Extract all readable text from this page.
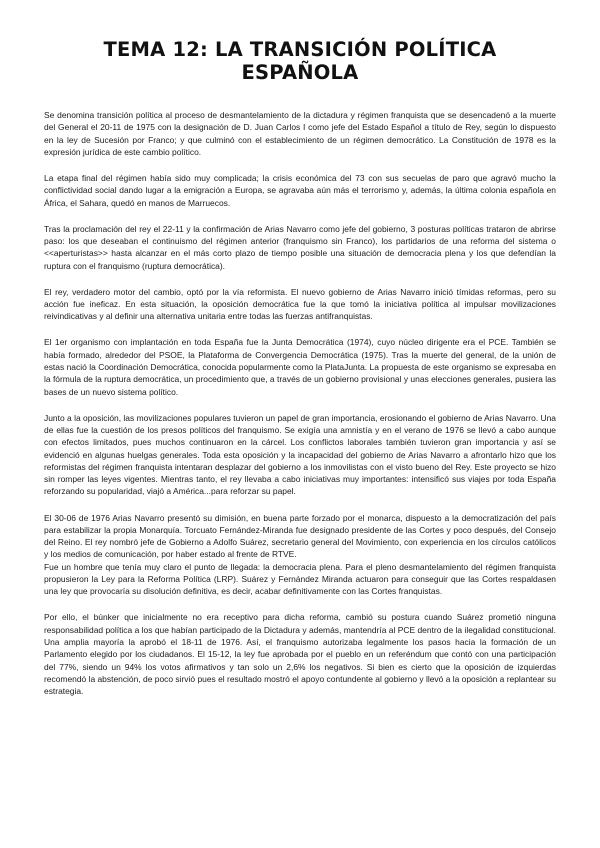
TEMA 12: LA TRANSICIÓN POLÍTICA ESPAÑOLA

Se denomina transición política al proceso de desmantelamiento de la dictadura y régimen franquista que se desencadenó a la muerte del General el 20-11 de 1975 con la designación de D. Juan Carlos I como jefe del Estado Español a título de Rey, según lo dispuesto en la ley de Sucesión por Franco; y que culminó con el establecimiento de un régimen democrático. La Constitución de 1978 es la expresión jurídica de este cambio político.

La etapa final del régimen había sido muy complicada; la crisis económica del 73 con sus secuelas de paro que agravó mucho la conflictividad social dando lugar a la emigración a Europa, se agravaba aún más el terrorismo y, además, la última colonia española en África, el Sahara, quedó en manos de Marruecos.

Tras la proclamación del rey el 22-11 y la confirmación de Arias Navarro como jefe del gobierno, 3 posturas políticas trataron de abrirse paso: los que deseaban el continuismo del régimen anterior (franquismo sin Franco), los partidarios de una reforma del sistema o <<aperturistas>> hasta alcanzar en el más corto plazo de tiempo posible una situación de democracia plena y los que defendían la ruptura con el franquismo (ruptura democrática).

El rey, verdadero motor del cambio, optó por la vía reformista. El nuevo gobierno de Arias Navarro inició tímidas reformas, pero su acción fue ineficaz. En esta situación, la oposición democrática fue la que tomó la iniciativa política al impulsar movilizaciones reivindicativas y al definir una alternativa unitaria entre todas las fuerzas antifranquistas.

El 1er organismo con implantación en toda España fue la Junta Democrática (1974), cuyo núcleo dirigente era el PCE. También se había formado, alrededor del PSOE, la Plataforma de Convergencia Democrática (1975). Tras la muerte del general, de la unión de estas nació la Coordinación Democrática, conocida popularmente como la PlataJunta. La propuesta de este organismo se expresaba en la fórmula de la ruptura democrática, un procedimiento que, a través de un gobierno provisional y unas elecciones generales, pusiera las bases de un nuevo sistema político.

Junto a la oposición, las movilizaciones populares tuvieron un papel de gran importancia, erosionando el gobierno de Arias Navarro. Una de ellas fue la cuestión de los presos políticos del franquismo. Se exigía una amnistía y en el verano de 1976 se llevó a cabo aunque con efectos limitados, pues muchos continuaron en la cárcel. Los conflictos laborales también tuvieron gran importancia y así se evidenció en algunas huelgas generales. Toda esta oposición y la incapacidad del gobierno de Arias Navarro a afrontarlo hizo que los reformistas del régimen franquista intentaran desplazar del gobierno a los inmovilistas con el visto bueno del Rey. Este proyecto se hizo sin romper las leyes vigentes. Mientras tanto, el rey llevaba a cabo iniciativas muy importantes: intensificó sus viajes por toda España reforzando su popularidad, viajó a América...para reforzar su papel.

El 30-06 de 1976 Arias Navarro presentó su dimisión, en buena parte forzado por el monarca, dispuesto a la democratización del país para estabilizar la propia Monarquía. Torcuato Fernández-Miranda fue designado presidente de las Cortes y poco después, del Consejo del Reino. El rey nombró jefe de Gobierno a Adolfo Suárez, secretario general del Movimiento, con experiencia en los círculos católicos y los medios de comunicación, por haber estado al frente de RTVE.

Fue un hombre que tenía muy claro el punto de llegada: la democracia plena. Para el pleno desmantelamiento del régimen franquista propusieron la Ley para la Reforma Política (LRP). Suárez y Fernández Miranda actuaron para conseguir que las Cortes respaldasen una ley que provocaría su disolución definitiva, es decir, acabar definitivamente con las Cortes franquistas.

Por ello, el búnker que inicialmente no era receptivo para dicha reforma, cambió su postura cuando Suárez prometió ninguna responsabilidad política a los que habían participado de la Dictadura y además, mantendría al PCE dentro de la ilegalidad constitucional. Una amplia mayoría la aprobó el 18-11 de 1976. Así, el franquismo autorizaba legalmente los pasos hacia la formación de un Parlamento elegido por los ciudadanos. El 15-12, la ley fue aprobada por el pueblo en un referéndum que contó con una participación del 77%, siendo un 94% los votos afirmativos y tan solo un 2,6% los negativos. Si bien es cierto que la oposición de izquierdas recomendó la abstención, de poco sirvió pues el resultado mostró el apoyo contundente al gobierno y llevó a la oposición a replantear su estrategia.
